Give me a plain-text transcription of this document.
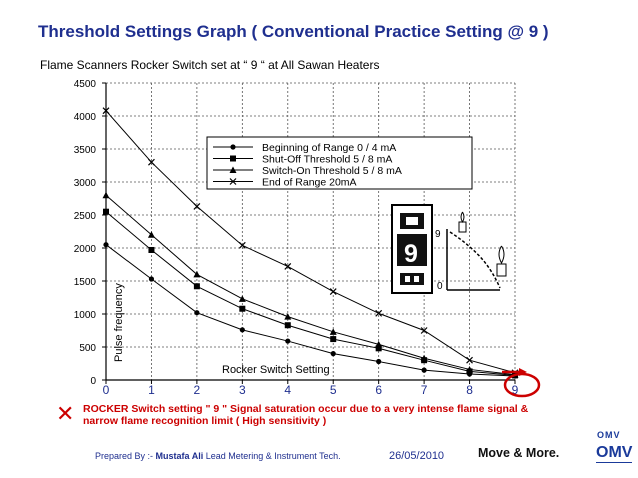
Threshold Settings Graph ( Conventional Practice Setting @ 9 )
Flame Scanners Rocker Switch set at “ 9 “ at All Sawan Heaters
0
500
1000
1500
2000
2500
3000
3500
4000
4500
0	1	2	3	4	5	6	7	8	9
Pulse frequency
Rocker Switch Setting
Beginning of Range 0 / 4 mA
Shut-Off Threshold 5 / 8 mA
Switch-On Threshold 5 / 8 mA
End of Range 20mA
9
9
0
✕ ROCKER Switch setting " 9 " Signal saturation occur due to a very intense flame signal & narrow flame recognition limit ( High sensitivity )
Prepared By :- Mustafa Ali Lead Metering & Instrument Tech.	26/05/2010	Move & More.
OMV
OMV
